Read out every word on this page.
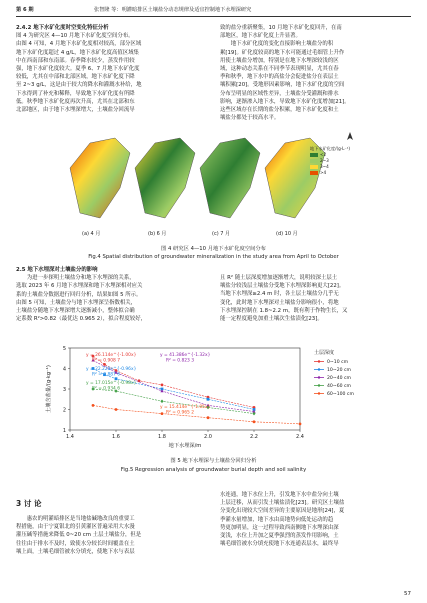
第 6 期	张智隆 等：明灌暗排区土壤盐分动态规律及适宜控制地下水埋深研究

2.4.2 地下水矿化度时空变化特征分析

图 4 为研究区 4—10 月地下水矿化度空间分布。

由图 4 可知，4 月地下水矿化度相对较高，部分区域

地下水矿化度超过 4 g/L，地下水矿化度高值区域集

中在西南部和东南部。春季降水较少，蒸发作用较

强，地下水矿化度较大。夏季 6、7 月地下水矿化度

较低，尤其在中部和北部区域，地下水矿化度下降

至 2~3 g/L，这是由于较大的降水和灌溉水补给，地

下水得到了补充和稀释，导致地下水矿化度有所降

低。秋季地下水矿化度再次升高，尤其在北部和东

北部地区，由于地下水埋深增大，土壤盐分回流导

致的盐分重新聚集，10 月地下水矿化度回升，在南

部地区，地下水矿化度上升显著。

　　地下水矿化度的变化直接影响土壤盐分的积

累[19]。矿化度较高的地下水可能通过毛细管上升作

用使土壤盐分增加，特别是在地下水埋深较浅的区

域，这种动态关系在不同季节表现明显，尤其在春

季和秋季，地下水中的高盐分会促进盐分在表层土

壤积累[20]。受地形因素影响，地下水矿化度的空间

分布呈明显的区域性差异，土壤盐分受灌溉和排水

影响，逐渐渗入地下水，导致地下水矿化度增加[21]。

这些区域存在长期的盐分积累，地下水矿化度和土

壤盐分都处于较高水平。

(a) 4 月	(b) 6 月	(c) 7 月	(d) 10 月
地下水矿化度/(g·L⁻¹)
<2
2~3
3~4
>4
图 4 研究区 4—10 月地下水矿化度空间分布
Fig.4 Spatial distribution of groundwater mineralization in the study area from April to October

2.5 地下水埋深对土壤盐分的影响

　　为进一步探明土壤盐分和地下水埋深的关系，

选取 2023 年 6 月地下水埋深和地下水埋深相对应关

系的土壤盐分数据进行回归分析，结果如图 5 所示。

由图 5 可知，土壤盐分与地下水埋深呈指数相关，

土壤盐分随地下水埋深增大逐渐减小，整体拟合确

定系数 R²>0.82（最优达 0.965 2），拟合程度较好，

且 R² 随土层深度增加逐渐增大，说明较深土层土

壤盐分较浅层土壤盐分受地下水埋深影响更大[22]。

当地下水埋深≥2.4 m 时，各土层土壤盐分几乎无

变化，此时地下水埋深对土壤盐分影响很小，将地

下水埋深控制在 1.8~2.2 m，既有利于作物生长，又

能一定程度避免加重土壤次生盐渍化[23]。

1.4	1.6	1.8	2.0	2.2	2.4
1
2
3
4
5
地下水埋深/m
土壤含盐量/(g·kg⁻¹)
y = 26.114e^{-1.00x}
R² = 0.908 7
y = 22.228e^{-0.96x}
R² = 0.887 6
y = 41.386e^{-1.32x}
R² = 0.823 3
y = 17.015e^{-0.98x}
R² = 0.934 6
y = 15.414e^{-1.05x}
R² = 0.965 2
土层深度
0~10 cm
10~20 cm
20~40 cm
40~60 cm
60~100 cm
图 5 地下水埋深与土壤盐分回归分析
Fig.5 Regression analysis of groundwater burial depth and soil salinity
3 讨 论

　　惠农的明灌暗排区是当地盐碱地改良的重要工

程措施，由于宁夏银北的引黄灌区普遍采用大水漫

灌压碱等措施来降低 0~20 cm 土层土壤盐分，但是

往往由于排水不及时，致使水分较长时间覆盖在土

壤上面，土壤毛细管被水分填充，使地下水与表层

水连通，地下水位上升，引发地下水中盐分向土壤

上层迁移，从而引发土壤盐渍化[23]。研究区土壤盐

分变化出现较大空间差异的主要原因是地形[24]，夏

季灌水量增加，地下水由高地势向低处运动的趋

势更加明显，这一过程导致西南侧地下水埋深由深

变浅，水位上升加之夏季强烈的蒸发作用影响，土

壤毛细管被水分填充使地下水连通表层水，最终导

57
